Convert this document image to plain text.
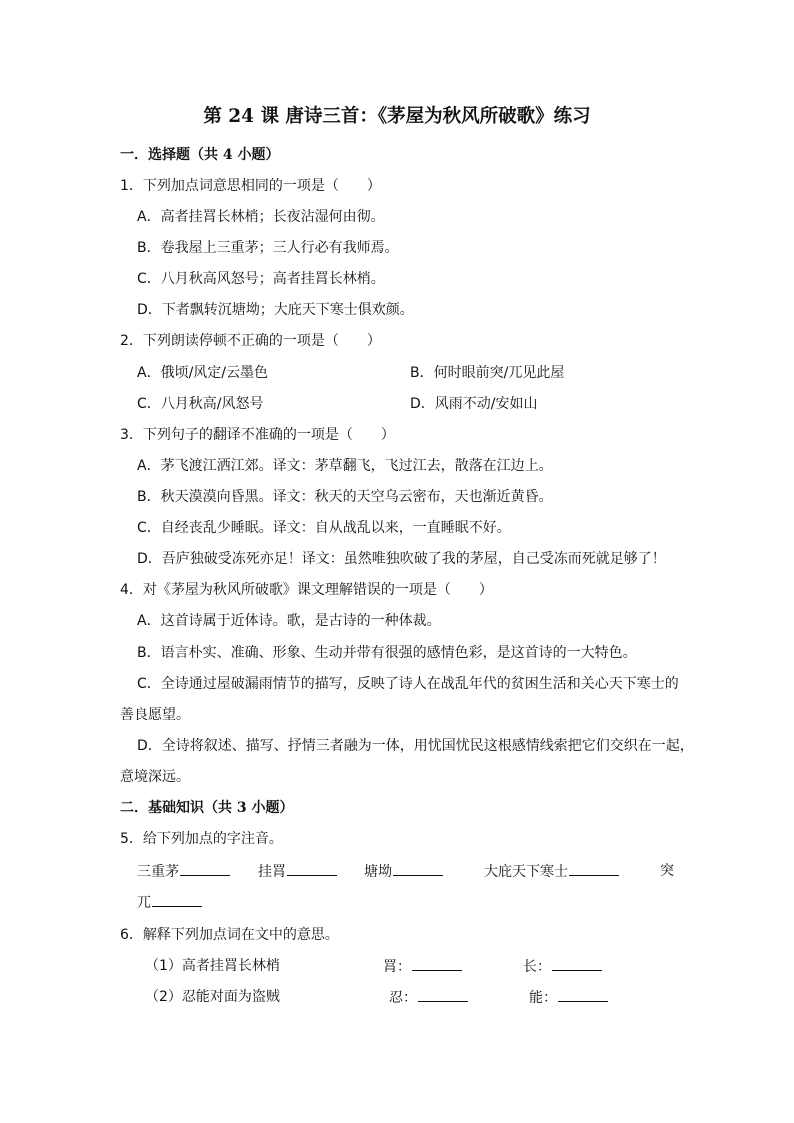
第 24 课 唐诗三首：《茅屋为秋风所破歌》练习
一．选择题（共 4 小题）
1．下列加点词意思相同的一项是（　　）
A．高者挂罥长林梢；长夜沾湿何由彻。
B．卷我屋上三重茅；三人行必有我师焉。
C．八月秋高风怒号；高者挂罥长林梢。
D．下者飘转沉塘坳；大庇天下寒士俱欢颜。
2．下列朗读停顿不正确的一项是（　　）
A．俄顷/风定/云墨色	B．何时眼前突/兀见此屋
C．八月秋高/风怒号	D．风雨不动/安如山
3．下列句子的翻译不准确的一项是（　　）
A．茅飞渡江洒江郊。译文：茅草翻飞，飞过江去，散落在江边上。
B．秋天漠漠向昏黑。译文：秋天的天空乌云密布，天也渐近黄昏。
C．自经丧乱少睡眠。译文：自从战乱以来，一直睡眠不好。
D．吾庐独破受冻死亦足！译文：虽然唯独吹破了我的茅屋，自己受冻而死就足够了！
4．对《茅屋为秋风所破歌》课文理解错误的一项是（　　）
A．这首诗属于近体诗。歌，是古诗的一种体裁。
B．语言朴实、准确、形象、生动并带有很强的感情色彩，是这首诗的一大特色。
C．全诗通过屋破漏雨情节的描写，反映了诗人在战乱年代的贫困生活和关心天下寒士的
善良愿望。
D．全诗将叙述、描写、抒情三者融为一体，用忧国忧民这根感情线索把它们交织在一起，
意境深远。
二．基础知识（共 3 小题）
5．给下列加点的字注音。
三重茅	挂罥	塘坳	大庇天下寒士	突
兀
6．解释下列加点词在文中的意思。
（1）高者挂罥长林梢	罥：	长：
（2）忍能对面为盗贼	忍：	能：
